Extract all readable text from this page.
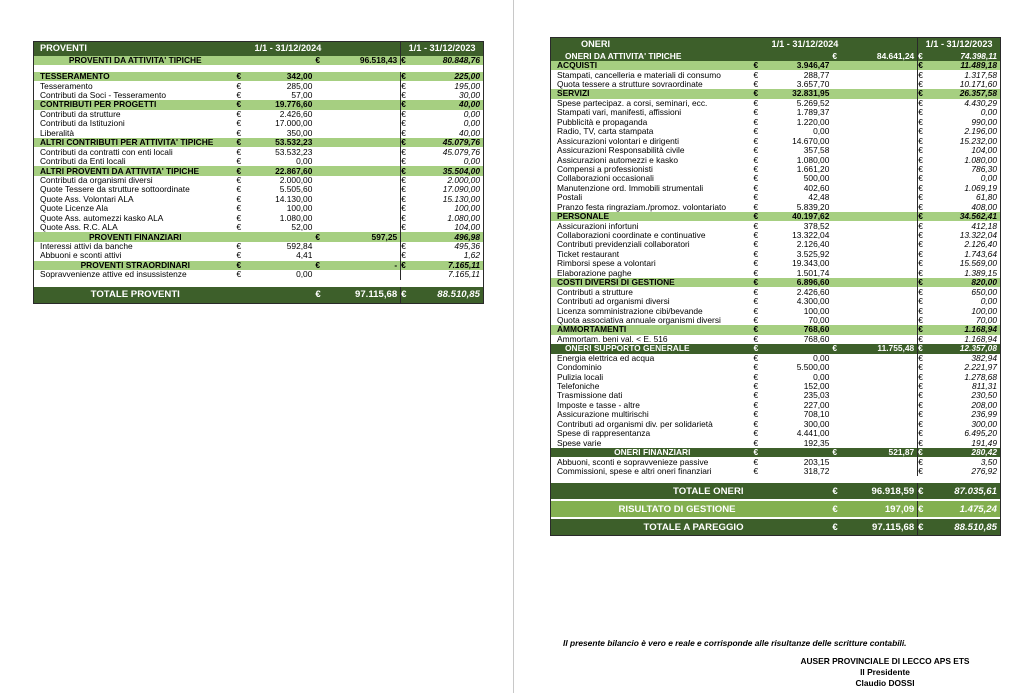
PROVENTI	1/1 - 31/12/2024	1/1 - 31/12/2023
PROVENTI DA ATTIVITA' TIPICHE	€	96.518,43 €	80.848,76
TESSERAMENTO	€	342,00	€	225,00
Tesseramento	€	285,00	€	195,00
Contributi da Soci - Tesseramento	€	57,00	€	30,00
CONTRIBUTI PER PROGETTI	€	19.776,60	€	40,00
Contributi da strutture	€	2.426,60	€	0,00
Contributi da Istituzioni	€	17.000,00	€	0,00
Liberalità	€	350,00	€	40,00
ALTRI CONTRIBUTI PER ATTIVITA' TIPICHE	€	53.532,23	€	45.079,76
Contributi da contratti con enti locali	€	53.532,23	€	45.079,76
Contributi da Enti locali	€	0,00	€	0,00
ALTRI PROVENTI DA ATTIVITA' TIPICHE	€	22.867,60	€	35.504,00
Contributi da organismi diversi	€	2.000,00	€	2.000,00
Quote Tessere da strutture sottoordinate	€	5.505,60	€	17.090,00
Quote Ass. Volontari ALA	€	14.130,00	€	15.130,00
Quote Licenze Ala	€	100,00	€	100,00
Quote Ass. automezzi kasko ALA	€	1.080,00	€	1.080,00
Quote Ass. R.C. ALA	€	52,00	€	104,00
PROVENTI FINANZIARI	€	597,25	496,98
Interessi attivi da banche	€	592,84	€	495,36
Abbuoni e sconti attivi	€	4,41	€	1,62
PROVENTI STRAORDINARI	€	€	- €	7.165,11
Sopravvenienze attive ed insussistenze	€	0,00	7.165,11
TOTALE PROVENTI	€	97.115,68 €	88.510,85
ONERI	1/1 - 31/12/2024	1/1 - 31/12/2023
ONERI DA ATTIVITA' TIPICHE	€	84.641,24 €	74.398,11
ACQUISTI	€	3.946,47	€	11.489,18
Stampati, cancelleria e materiali di consumo	€	288,77	€	1.317,58
Quota tessere a strutture sovraordinate	€	3.657,70	€	10.171,60
SERVIZI	€	32.831,95	€	26.357,58
Spese partecipaz. a corsi, seminari, ecc.	€	5.269,52	€	4.430,29
Stampati vari, manifesti, affissioni	€	1.789,37	€	0,00
Pubblicità e propaganda	€	1.220,00	€	990,00
Radio, TV, carta stampata	€	0,00	€	2.196,00
Assicurazioni volontari e dirigenti	€	14.670,00	€	15.232,00
Assicurazioni Responsabilità civile	€	357,58	€	104,00
Assicurazioni automezzi e kasko	€	1.080,00	€	1.080,00
Compensi a professionisti	€	1.661,20	€	786,30
Collaborazioni occasionali	€	500,00	€	0,00
Manutenzione ord. Immobili strumentali	€	402,60	€	1.069,19
Postali	€	42,48	€	61,80
Pranzo festa ringraziam./promoz. volontariato	€	5.839,20	€	408,00
PERSONALE	€	40.197,62	€	34.562,41
Assicurazioni infortuni	€	378,52	€	412,18
Collaborazioni coordinate e continuative	€	13.322,04	€	13.322,04
Contributi previdenziali collaboratori	€	2.126,40	€	2.126,40
Ticket restaurant	€	3.525,92	€	1.743,64
Rimborsi spese a volontari	€	19.343,00	€	15.569,00
Elaborazione paghe	€	1.501,74	€	1.389,15
COSTI DIVERSI DI GESTIONE	€	6.896,60	€	820,00
Contributi a strutture	€	2.426,60	€	650,00
Contributi ad organismi diversi	€	4.300,00	€	0,00
Licenza somministrazione cibi/bevande	€	100,00	€	100,00
Quota associativa annuale organismi diversi	€	70,00	€	70,00
AMMORTAMENTI	€	768,60	€	1.168,94
Ammortam. beni val. < E. 516	€	768,60	€	1.168,94
ONERI SUPPORTO GENERALE	€	€	11.755,48 €	12.357,08
Energia elettrica ed acqua	€	0,00	€	382,94
Condominio	€	5.500,00	€	2.221,97
Pulizia locali	€	0,00	€	1.278,68
Telefoniche	€	152,00	€	811,31
Trasmissione dati	€	235,03	€	230,50
Imposte e tasse - altre	€	227,00	€	208,00
Assicurazione multirischi	€	708,10	€	236,99
Contributi ad organismi div. per solidarietà	€	300,00	€	300,00
Spese di rappresentanza	€	4.441,00	€	6.495,20
Spese varie	€	192,35	€	191,49
ONERI FINANZIARI	€	€	521,87 €	280,42
Abbuoni, sconti e sopravvenieze passive	€	203,15	€	3,50
Commissioni, spese e altri oneri finanziari	€	318,72	€	276,92
TOTALE ONERI	€	96.918,59 €	87.035,61
RISULTATO DI GESTIONE	€	197,09 €	1.475,24
TOTALE A PAREGGIO	€	97.115,68 €	88.510,85
Il presente bilancio è vero e reale e corrisponde alle risultanze delle scritture contabili.
AUSER PROVINCIALE DI LECCO APS ETS
Il Presidente
Claudio DOSSI
